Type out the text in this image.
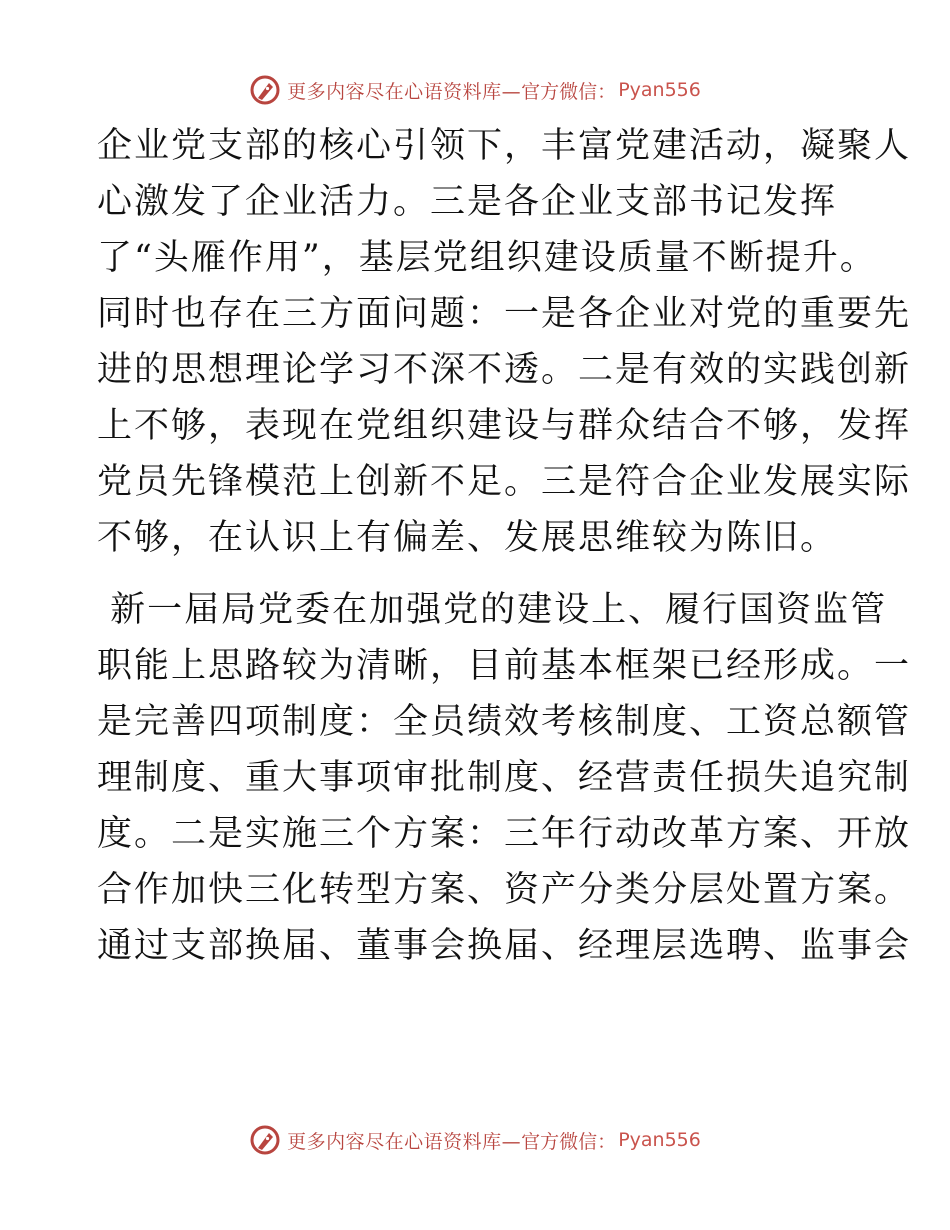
更多内容尽在心语资料库— 官方微信： Pyan556
企业党支部的核心引领下，丰富党建活动，凝聚人
心激发了企业活力。三是各企业支部书记发挥
了“头雁作用”，基层党组织建设质量不断提升。
同时也存在三方面问题：一是各企业对党的重要先
进的思想理论学习不深不透。二是有效的实践创新
上不够，表现在党组织建设与群众结合不够，发挥
党员先锋模范上创新不足。三是符合企业发展实际
不够，在认识上有偏差、发展思维较为陈旧。
新一届局党委在加强党的建设上、履行国资监管
职能上思路较为清晰，目前基本框架已经形成。一
是完善四项制度：全员绩效考核制度、工资总额管
理制度、重大事项审批制度、经营责任损失追究制
度。二是实施三个方案：三年行动改革方案、开放
合作加快三化转型方案、资产分类分层处置方案。
通过支部换届、董事会换届、经理层选聘、监事会
更多内容尽在心语资料库— 官方微信： Pyan556
